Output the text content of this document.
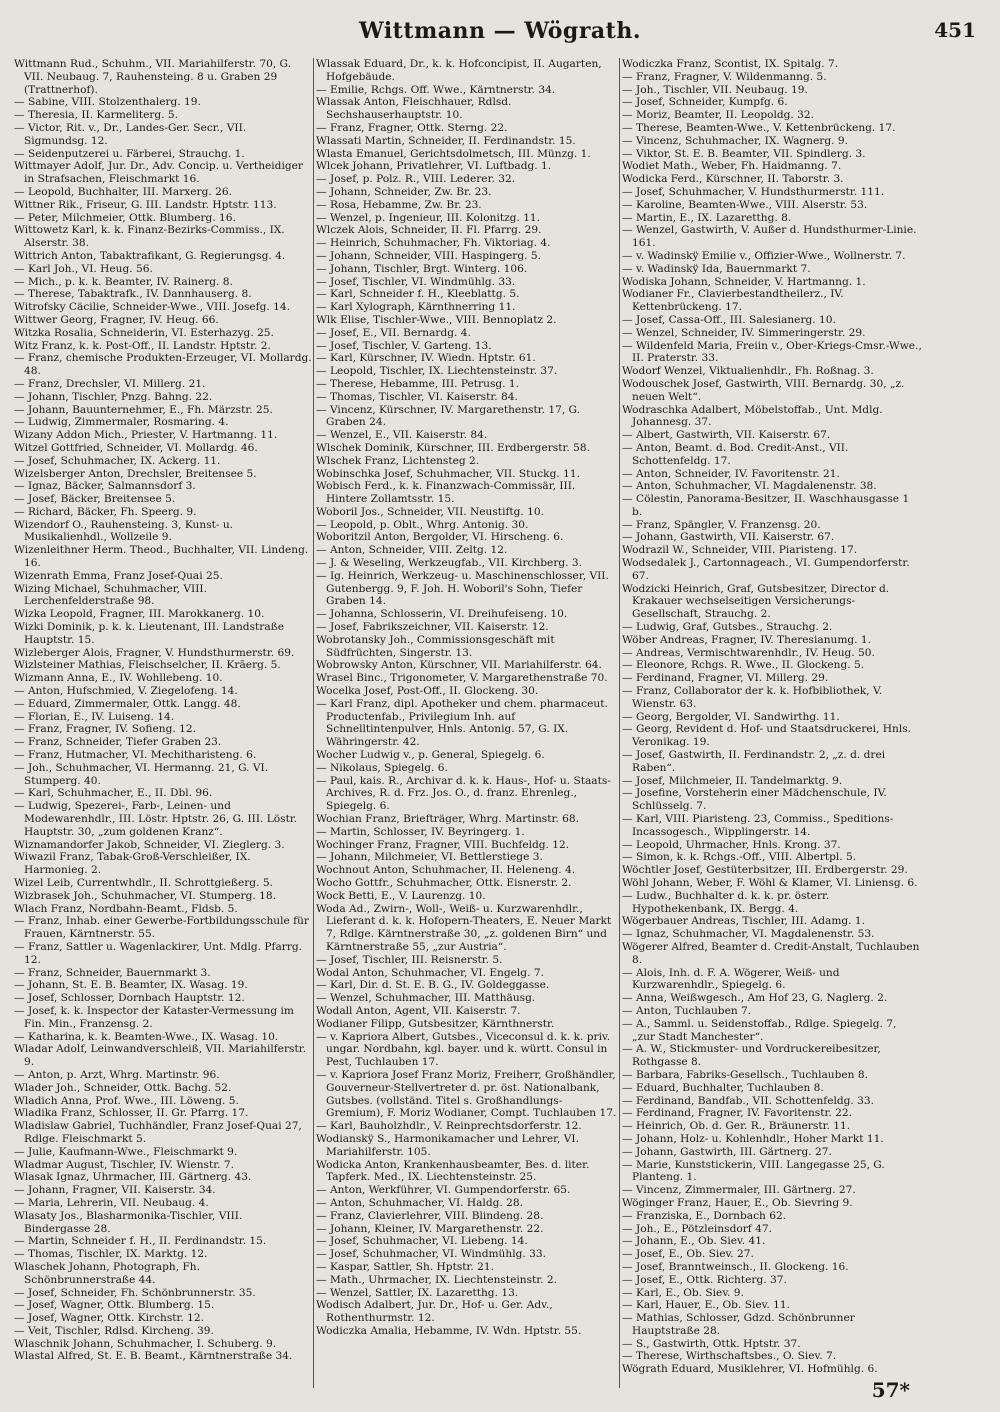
Wittmann — Wögrath.	451

Wittmann Rud., Schuhm., VII. Mariahilferstr. 70, G. VII. Neubaug. 7, Rauhensteing. 8 u. Graben 29 (Trattnerhof).

— Sabine, VIII. Stolzenthalerg. 19.

— Theresia, II. Karmeliterg. 5.

— Victor, Rit. v., Dr., Landes-Ger. Secr., VII. Sigmundsg. 12.

— Seidenputzerei u. Färberei, Strauchg. 1.

Wittmayer Adolf, Jur. Dr., Adv. Concip. u. Vertheidiger in Strafsachen, Fleischmarkt 16.

— Leopold, Buchhalter, III. Marxerg. 26.

Wittner Rik., Friseur, G. III. Landstr. Hptstr. 113.

— Peter, Milchmeier, Ottk. Blumberg. 16.

Wittowetz Karl, k. k. Finanz-Bezirks-Commiss., IX. Alserstr. 38.

Wittrich Anton, Tabaktrafikant, G. Regierungsg. 4.

— Karl Joh., VI. Heug. 56.

— Mich., p. k. k. Beamter, IV. Rainerg. 8.

— Therese, Tabaktrafk., IV. Dannhauserg. 8.

Witrofsky Cäcilie, Schneider-Wwe., VIII. Josefg. 14.

Wittwer Georg, Fragner, IV. Heug. 66.

Witzka Rosalia, Schneiderin, VI. Esterhazyg. 25.

Witz Franz, k. k. Post-Off., II. Landstr. Hptstr. 2.

— Franz, chemische Produkten-Erzeuger, VI. Mollardg. 48.

— Franz, Drechsler, VI. Millerg. 21.

— Johann, Tischler, Pnzg. Bahng. 22.

— Johann, Bauunternehmer, E., Fh. Märzstr. 25.

— Ludwig, Zimmermaler, Rosmaring. 4.

Wizany Addon Mich., Priester, V. Hartmanng. 11.

Witzel Gottfried, Schneider, VI. Mollardg. 46.

— Josef, Schuhmacher, IX. Ackerg. 11.

Wizelsberger Anton, Drechsler, Breitensee 5.

— Ignaz, Bäcker, Salmannsdorf 3.

— Josef, Bäcker, Breitensee 5.

— Richard, Bäcker, Fh. Speerg. 9.

Wizendorf O., Rauhensteing. 3, Kunst- u. Musikalienhdl., Wollzeile 9.

Wizenleithner Herm. Theod., Buchhalter, VII. Lindeng. 16.

Wizenrath Emma, Franz Josef-Quai 25.

Wizing Michael, Schuhmacher, VIII. Lerchenfelderstraße 98.

Wizka Leopold, Fragner, III. Marokkanerg. 10.

Wizki Dominik, p. k. k. Lieutenant, III. Landstraße Hauptstr. 15.

Wizleberger Alois, Fragner, V. Hundsthurmerstr. 69.

Wizlsteiner Mathias, Fleischselcher, II. Krāerg. 5.

Wizmann Anna, E., IV. Wohllebeng. 10.

— Anton, Hufschmied, V. Ziegelofeng. 14.

— Eduard, Zimmermaler, Ottk. Langg. 48.

— Florian, E., IV. Luiseng. 14.

— Franz, Fragner, IV. Sofieng. 12.

— Franz, Schneider, Tiefer Graben 23.

— Franz, Hutmacher, VI. Mechitharisteng. 6.

— Joh., Schuhmacher, VI. Hermanng. 21, G. VI. Stumperg. 40.

— Karl, Schuhmacher, E., II. Dbl. 96.

— Ludwig, Spezerei-, Farb-, Leinen- und Modewarenhdlr., III. Löstr. Hptstr. 26, G. III. Löstr. Hauptstr. 30, „zum goldenen Kranz“.

Wiznamandorfer Jakob, Schneider, VI. Zieglerg. 3.

Wiwazil Franz, Tabak-Groß-Verschleißer, IX. Harmonieg. 2.

Wizel Leib, Currentwhdlr., II. Schrottgießerg. 5.

Wizbrasek Joh., Schuhmacher, VI. Stumperg. 18.

Wlach Franz, Nordbahn-Beamt., Fldsb. 5.

— Franz, Inhab. einer Gewerbe-Fortbildungsschule für Frauen, Kärntnerstr. 55.

— Franz, Sattler u. Wagenlackirer, Unt. Mdlg. Pfarrg. 12.

— Franz, Schneider, Bauernmarkt 3.

— Johann, St. E. B. Beamter, IX. Wasag. 19.

— Josef, Schlosser, Dornbach Hauptstr. 12.

— Josef, k. k. Inspector der Kataster-Vermessung im Fin. Min., Franzensg. 2.

— Katharina, k. k. Beamten-Wwe., IX. Wasag. 10.

Wladar Adolf, Leinwandverschleiß, VII. Mariahilferstr. 9.

— Anton, p. Arzt, Whrg. Martinstr. 96.

Wlader Joh., Schneider, Ottk. Bachg. 52.

Wladich Anna, Prof. Wwe., III. Löweng. 5.

Wladika Franz, Schlosser, II. Gr. Pfarrg. 17.

Wladislaw Gabriel, Tuchhändler, Franz Josef-Quai 27, Rdlge. Fleischmarkt 5.

— Julie, Kaufmann-Wwe., Fleischmarkt 9.

Wladmar August, Tischler, IV. Wienstr. 7.

Wlasak Ignaz, Uhrmacher, III. Gärtnerg. 43.

— Johann, Fragner, VII. Kaiserstr. 34.

— Maria, Lehrerin, VII. Neubaug. 4.

Wlasaty Jos., Blasharmonika-Tischler, VIII. Bindergasse 28.

— Martin, Schneider f. H., II. Ferdinandstr. 15.

— Thomas, Tischler, IX. Marktg. 12.

Wlaschek Johann, Photograph, Fh. Schönbrunnerstraße 44.

— Josef, Schneider, Fh. Schönbrunnerstr. 35.

— Josef, Wagner, Ottk. Blumberg. 15.

— Josef, Wagner, Ottk. Kirchstr. 12.

— Veit, Tischler, Rdlsd. Kircheng. 39.

Wlaschnik Johann, Schuhmacher, I. Schuberg. 9.

Wlastal Alfred, St. E. B. Beamt., Kärntnerstraße 34.

Wlassak Eduard, Dr., k. k. Hofconcipist, II. Augarten, Hofgebäude.

— Emilie, Rchgs. Off. Wwe., Kärntnerstr. 34.

Wlassak Anton, Fleischhauer, Rdlsd. Sechshauserhauptstr. 10.

— Franz, Fragner, Ottk. Sterng. 22.

Wlassati Martin, Schneider, II. Ferdinandstr. 15.

Wlasta Emanuel, Gerichtsdolmetsch, III. Münzg. 1.

Wlcek Johann, Privatlehrer, VI. Luftbadg. 1.

— Josef, p. Polz. R., VIII. Lederer. 32.

— Johann, Schneider, Zw. Br. 23.

— Rosa, Hebamme, Zw. Br. 23.

— Wenzel, p. Ingenieur, III. Kolonitzg. 11.

Wlczek Alois, Schneider, II. Fl. Pfarrg. 29.

— Heinrich, Schuhmacher, Fh. Viktoriag. 4.

— Johann, Schneider, VIII. Haspingerg. 5.

— Johann, Tischler, Brgt. Winterg. 106.

— Josef, Tischler, VI. Windmühlg. 33.

— Karl, Schneider f. H., Kleeblattg. 5.

— Karl Xylograph, Kärnthnerring 11.

Wlk Elise, Tischler-Wwe., VIII. Bennoplatz 2.

— Josef, E., VII. Bernardg. 4.

— Josef, Tischler, V. Garteng. 13.

— Karl, Kürschner, IV. Wiedn. Hptstr. 61.

— Leopold, Tischler, IX. Liechtensteinstr. 37.

— Therese, Hebamme, III. Petrusg. 1.

— Thomas, Tischler, VI. Kaiserstr. 84.

— Vincenz, Kürschner, IV. Margarethenstr. 17, G. Graben 24.

— Wenzel, E., VII. Kaiserstr. 84.

Wlschek Dominik, Kürschner, III. Erdbergerstr. 58.

Wlschek Franz, Lichtensteg 2.

Wobinschka Josef, Schuhmacher, VII. Stuckg. 11.

Wobisch Ferd., k. k. Finanzwach-Commissär, III. Hintere Zollamtsstr. 15.

Woboril Jos., Schneider, VII. Neustiftg. 10.

— Leopold, p. Oblt., Whrg. Antonig. 30.

Woboritzil Anton, Bergolder, VI. Hirscheng. 6.

— Anton, Schneider, VIII. Zeltg. 12.

— J. & Weseling, Werkzeugfab., VII. Kirchberg. 3.

— Ig. Heinrich, Werkzeug- u. Maschinenschlosser, VII. Gutenbergg. 9, F. Joh. H. Woboril's Sohn, Tiefer Graben 14.

— Johanna, Schlosserin, VI. Dreihufeiseng. 10.

— Josef, Fabrikszeichner, VII. Kaiserstr. 12.

Wobrotansky Joh., Commissionsgeschäft mit Südfrüchten, Singerstr. 13.

Wobrowsky Anton, Kürschner, VII. Mariahilferstr. 64.

Wrasel Binc., Trigonometer, V. Margarethenstraße 70.

Wocelka Josef, Post-Off., II. Glockeng. 30.

— Karl Franz, dipl. Apotheker und chem. pharmaceut. Productenfab., Privilegium Inh. auf Schnelltintenpulver, Hnls. Antonig. 57, G. IX. Währingerstr. 42.

Wocher Ludwig v., p. General, Spiegelg. 6.

— Nikolaus, Spiegelg. 6.

— Paul, kais. R., Archivar d. k. k. Haus-, Hof- u. Staats-Archives, R. d. Frz. Jos. O., d. franz. Ehrenleg., Spiegelg. 6.

Wochian Franz, Briefträger, Whrg. Martinstr. 68.

— Martin, Schlosser, IV. Beyringerg. 1.

Wochinger Franz, Fragner, VIII. Buchfeldg. 12.

— Johann, Milchmeier, VI. Bettlerstiege 3.

Wochnout Anton, Schuhmacher, II. Heleneng. 4.

Wocho Gottfr., Schuhmacher, Ottk. Eisnerstr. 2.

Wock Betti, E., V. Laurenzg. 10.

Woda Ad., Zwirn-, Woll-, Weiß- u. Kurzwarenhdlr., Lieferant d. k. k. Hofopern-Theaters, E. Neuer Markt 7, Rdlge. Kärntnerstraße 30, „z. goldenen Birn“ und Kärntnerstraße 55, „zur Austria“.

— Josef, Tischler, III. Reisnerstr. 5.

Wodal Anton, Schuhmacher, VI. Engelg. 7.

— Karl, Dir. d. St. E. B. G., IV. Goldeggasse.

— Wenzel, Schuhmacher, III. Matthäusg.

Wodall Anton, Agent, VII. Kaiserstr. 7.

Wodianer Filipp, Gutsbesitzer, Kärnthnerstr.

— v. Kapriora Albert, Gutsbes., Viceconsul d. k. k. priv. ungar. Nordbahn, kgl. bayer. und k. württ. Consul in Pest, Tuchlauben 17.

— v. Kapriora Josef Franz Moriz, Freiherr, Großhändler, Gouverneur-Stellvertreter d. pr. öst. Nationalbank, Gutsbes. (vollständ. Titel s. Großhandlungs-Gremium), F. Moriz Wodianer, Compt. Tuchlauben 17.

— Karl, Bauholzhdlr., V. Reinprechtsdorferstr. 12.

Wodianskÿ S., Harmonikamacher und Lehrer, VI. Mariahilferstr. 105.

Wodicka Anton, Krankenhausbeamter, Bes. d. liter. Tapferk. Med., IX. Liechtensteinstr. 25.

— Anton, Werkführer, VI. Gumpendorferstr. 65.

— Anton, Schuhmacher, VI. Haldg. 28.

— Franz, Clavierlehrer, VIII. Blindeng. 28.

— Johann, Kleiner, IV. Margarethenstr. 22.

— Josef, Schuhmacher, VI. Liebeng. 14.

— Josef, Schuhmacher, VI. Windmühlg. 33.

— Kaspar, Sattler, Sh. Hptstr. 21.

— Math., Uhrmacher, IX. Liechtensteinstr. 2.

— Wenzel, Sattler, IX. Lazaretthg. 13.

Wodisch Adalbert, Jur. Dr., Hof- u. Ger. Adv., Rothenthurmstr. 12.

Wodiczka Amalia, Hebamme, IV. Wdn. Hptstr. 55.

Wodiczka Franz, Scontist, IX. Spitalg. 7.

— Franz, Fragner, V. Wildenmanng. 5.

— Joh., Tischler, VII. Neubaug. 19.

— Josef, Schneider, Kumpfg. 6.

— Moriz, Beamter, II. Leopoldg. 32.

— Therese, Beamten-Wwe., V. Kettenbrückeng. 17.

— Vincenz, Schuhmacher, IX. Wagnerg. 9.

— Viktor, St. E. B. Beamter, VII. Spindlerg. 3.

Wodiet Math., Weber, Fh. Haidmanng. 7.

Wodicka Ferd., Kürschner, II. Taborstr. 3.

— Josef, Schuhmacher, V. Hundsthurmerstr. 111.

— Karoline, Beamten-Wwe., VIII. Alserstr. 53.

— Martin, E., IX. Lazaretthg. 8.

— Wenzel, Gastwirth, V. Außer d. Hundsthurmer-Linie. 161.

— v. Wadinskÿ Emilie v., Offizier-Wwe., Wollnerstr. 7.

— v. Wadinskÿ Ida, Bauernmarkt 7.

Wodiska Johann, Schneider, V. Hartmanng. 1.

Wodianer Fr., Clavierbestandtheilerz., IV. Kettenbrückeng. 17.

— Josef, Cassa-Off., III. Salesianerg. 10.

— Wenzel, Schneider, IV. Simmeringerstr. 29.

— Wildenfeld Maria, Freiin v., Ober-Kriegs-Cmsr.-Wwe., II. Praterstr. 33.

Wodorf Wenzel, Viktualienhdlr., Fh. Roßnag. 3.

Wodouschek Josef, Gastwirth, VIII. Bernardg. 30, „z. neuen Welt“.

Wodraschka Adalbert, Möbelstoffab., Unt. Mdlg. Johannesg. 37.

— Albert, Gastwirth, VII. Kaiserstr. 67.

— Anton, Beamt. d. Bod. Credit-Anst., VII. Schottenfeldg. 17.

— Anton, Schneider, IV. Favoritenstr. 21.

— Anton, Schuhmacher, VI. Magdalenenstr. 38.

— Cölestin, Panorama-Besitzer, II. Waschhausgasse 1 b.

— Franz, Spängler, V. Franzensg. 20.

— Johann, Gastwirth, VII. Kaiserstr. 67.

Wodrazil W., Schneider, VIII. Piaristeng. 17.

Wodsedalek J., Cartonnageach., VI. Gumpendorferstr. 67.

Wodzicki Heinrich, Graf, Gutsbesitzer, Director d. Krakauer wechselseitigen Versicherungs-Gesellschaft, Strauchg. 2.

— Ludwig, Graf, Gutsbes., Strauchg. 2.

Wöber Andreas, Fragner, IV. Theresianumg. 1.

— Andreas, Vermischtwarenhdlr., IV. Heug. 50.

— Eleonore, Rchgs. R. Wwe., II. Glockeng. 5.

— Ferdinand, Fragner, VI. Millerg. 29.

— Franz, Collaborator der k. k. Hofbibliothek, V. Wienstr. 63.

— Georg, Bergolder, VI. Sandwirthg. 11.

— Georg, Revident d. Hof- und Staatsdruckerei, Hnls. Veronikag. 19.

— Josef, Gastwirth, II. Ferdinandstr. 2, „z. d. drei Raben“.

— Josef, Milchmeier, II. Tandelmarktg. 9.

— Josefine, Vorsteherin einer Mädchenschule, IV. Schlüsselg. 7.

— Karl, VIII. Piaristeng. 23, Commiss., Speditions-Incassogesch., Wipplingerstr. 14.

— Leopold, Uhrmacher, Hnls. Krong. 37.

— Simon, k. k. Rchgs.-Off., VIII. Albertpl. 5.

Wöchtler Josef, Gestüterbsitzer, III. Erdbergerstr. 29.

Wöhl Johann, Weber, F. Wöhl & Klamer, VI. Liniensg. 6.

— Ludw., Buchhalter d. k. k. pr. österr. Hypothekenbank, IX. Bergg. 4.

Wögerbauer Andreas, Tischler, III. Adamg. 1.

— Ignaz, Schuhmacher, VI. Magdalenenstr. 53.

Wögerer Alfred, Beamter d. Credit-Anstalt, Tuchlauben 8.

— Alois, Inh. d. F. A. Wögerer, Weiß- und Kurzwarenhdlr., Spiegelg. 6.

— Anna, Weißwgesch., Am Hof 23, G. Naglerg. 2.

— Anton, Tuchlauben 7.

— A., Samml. u. Seidenstoffab., Rdlge. Spiegelg. 7, „zur Stadt Manchester“.

— A. W., Stickmuster- und Vordruckereibesitzer, Rothgasse 8.

— Barbara, Fabriks-Gesellsch., Tuchlauben 8.

— Eduard, Buchhalter, Tuchlauben 8.

— Ferdinand, Bandfab., VII. Schottenfeldg. 33.

— Ferdinand, Fragner, IV. Favoritenstr. 22.

— Heinrich, Ob. d. Ger. R., Bräunerstr. 11.

— Johann, Holz- u. Kohlenhdlr., Hoher Markt 11.

— Johann, Gastwirth, III. Gärtnerg. 27.

— Marie, Kunststickerin, VIII. Langegasse 25, G. Planteng. 1.

— Vincenz, Zimmermaler, III. Gärtnerg. 27.

Wöginger Franz, Hauer, E., Ob. Sievring 9.

— Franziska, E., Dornbach 62.

— Joh., E., Pötzleinsdorf 47.

— Johann, E., Ob. Siev. 41.

— Josef, E., Ob. Siev. 27.

— Josef, Branntweinsch., II. Glockeng. 16.

— Josef, E., Ottk. Richterg. 37.

— Karl, E., Ob. Siev. 9.

— Karl, Hauer, E., Ob. Siev. 11.

— Mathias, Schlosser, Gdzd. Schönbrunner Hauptstraße 28.

— S., Gastwirth, Ottk. Hptstr. 37.

— Therese, Wirthschaftsbes., O. Siev. 7.

Wögrath Eduard, Musiklehrer, VI. Hofmühlg. 6.

57*
